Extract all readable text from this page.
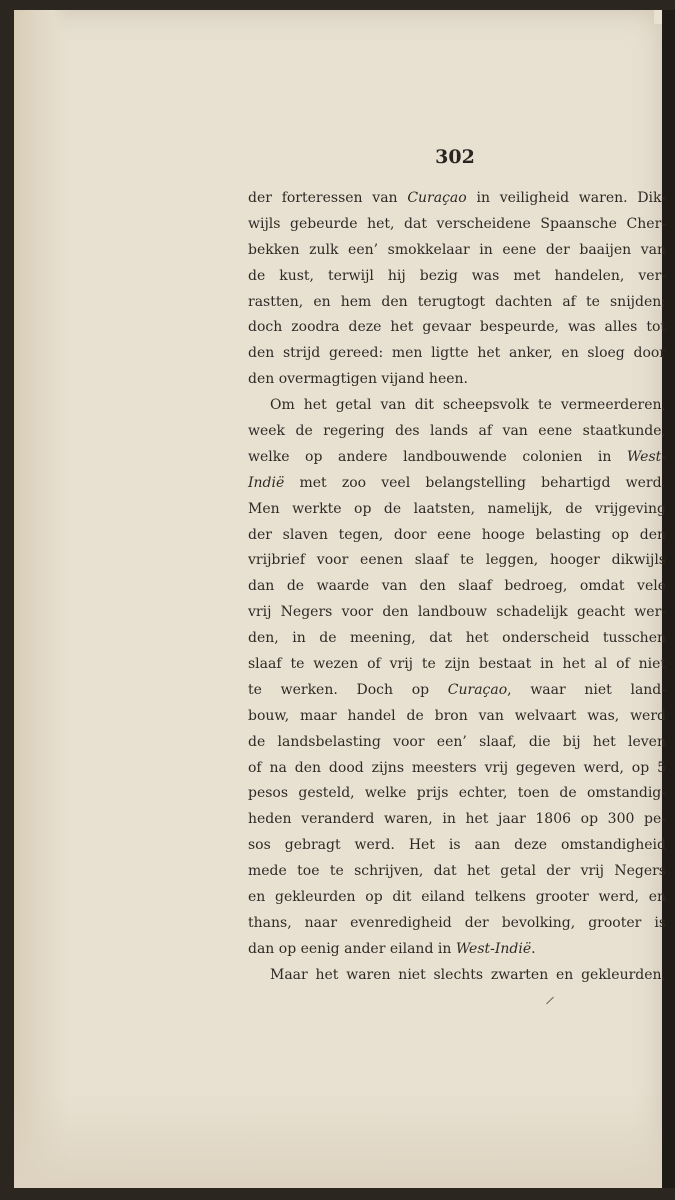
302

der forteressen van Curaçao in veiligheid waren. Dik-
wijls gebeurde het, dat verscheidene Spaansche Cher-
bekken zulk een’ smokkelaar in eene der baaijen van
de kust, terwijl hij bezig was met handelen, ver-
rastten, en hem den terugtogt dachten af te snijden;
doch zoodra deze het gevaar bespeurde, was alles tot
den strijd gereed: men ligtte het anker, en sloeg door
den overmagtigen vijand heen.
Om het getal van dit scheepsvolk te vermeerderen,
week de regering des lands af van eene staatkunde,
welke op andere landbouwende colonien in West-
Indië met zoo veel belangstelling behartigd werd.
Men werkte op de laatsten, namelijk, de vrijgeving
der slaven tegen, door eene hooge belasting op den
vrijbrief voor eenen slaaf te leggen, hooger dikwijls
dan de waarde van den slaaf bedroeg, omdat vele
vrij Negers voor den landbouw schadelijk geacht wer-
den, in de meening, dat het onderscheid tusschen
slaaf te wezen of vrij te zijn bestaat in het al of niet
te werken. Doch op Curaçao, waar niet land-
bouw, maar handel de bron van welvaart was, werd
de landsbelasting voor een’ slaaf, die bij het leven
of na den dood zijns meesters vrij gegeven werd, op 5
pesos gesteld, welke prijs echter, toen de omstandig-
heden veranderd waren, in het jaar 1806 op 300 pe-
sos gebragt werd. Het is aan deze omstandigheid
mede toe te schrijven, dat het getal der vrij Negers
en gekleurden op dit eiland telkens grooter werd, en
thans, naar evenredigheid der bevolking, grooter is
dan op eenig ander eiland in West-Indië.
Maar het waren niet slechts zwarten en gekleurden,
